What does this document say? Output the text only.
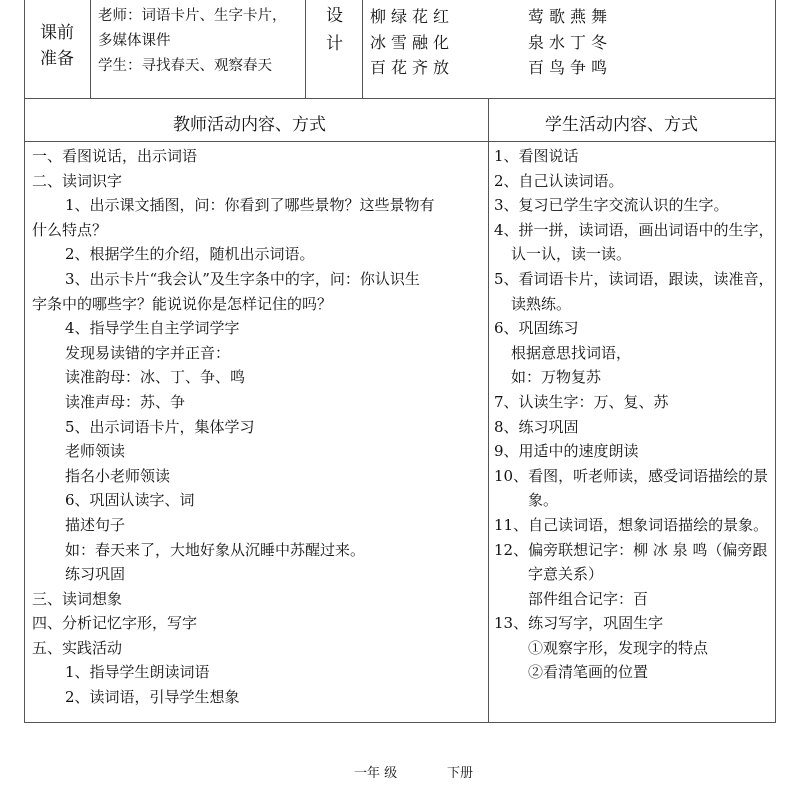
课前准备
老师：词语卡片、生字卡片，
多媒体课件
学生：寻找春天、观察春天
设
计
柳绿花红
冰雪融化
百花齐放
莺歌燕舞
泉水丁冬
百鸟争鸣
教师活动内容、方式	学生活动内容、方式
一、看图说话，出示词语
二、读词识字
1、出示课文插图，问：你看到了哪些景物？这些景物有
什么特点？
2、根据学生的介绍，随机出示词语。
3、出示卡片“我会认”及生字条中的字，问：你认识生
字条中的哪些字？能说说你是怎样记住的吗？
4、指导学生自主学词学字
发现易读错的字并正音：
读准韵母：冰、丁、争、鸣
读准声母：苏、争
5、出示词语卡片，集体学习
老师领读
指名小老师领读
6、巩固认读字、词
描述句子
如：春天来了，大地好象从沉睡中苏醒过来。
练习巩固
三、读词想象
四、分析记忆字形，写字
五、实践活动
1、指导学生朗读词语
2、读词语，引导学生想象
1、看图说话
2、自己认读词语。
3、复习已学生字交流认识的生字。
4、拼一拼，读词语，画出词语中的生字，认一认，读一读。
5、看词语卡片，读词语，跟读，读准音，读熟练。
6、巩固练习
根据意思找词语，
如：万物复苏
7、认读生字：万、复、苏
8、练习巩固
9、用适中的速度朗读
10、看图，听老师读，感受词语描绘的景象。
11、自己读词语，想象词语描绘的景象。
12、偏旁联想记字：柳 冰 泉 鸣（偏旁跟字意关系）
部件组合记字：百
13、练习写字，巩固生字
①观察字形，发现字的特点
②看清笔画的位置
一年 级	下册
